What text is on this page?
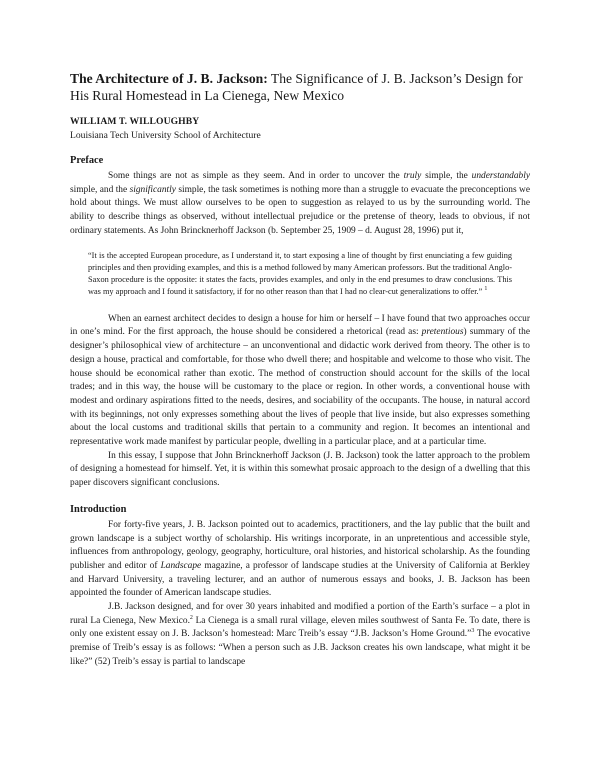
The Architecture of J. B. Jackson: The Significance of J. B. Jackson’s Design for His Rural Homestead in La Cienega, New Mexico
WILLIAM T. WILLOUGHBY
Louisiana Tech University School of Architecture
Preface

Some things are not as simple as they seem. And in order to uncover the truly simple, the understandably simple, and the significantly simple, the task sometimes is nothing more than a struggle to evacuate the preconceptions we hold about things. We must allow ourselves to be open to suggestion as relayed to us by the surrounding world. The ability to describe things as observed, without intellectual prejudice or the pretense of theory, leads to obvious, if not ordinary statements. As John Brincknerhoff Jackson (b. September 25, 1909 – d. August 28, 1996) put it,

“It is the accepted European procedure, as I understand it, to start exposing a line of thought by first enunciating a few guiding principles and then providing examples, and this is a method followed by many American professors. But the traditional Anglo-Saxon procedure is the opposite: it states the facts, provides examples, and only in the end presumes to draw conclusions. This was my approach and I found it satisfactory, if for no other reason than that I had no clear-cut generalizations to offer.” $^1$

When an earnest architect decides to design a house for him or herself – I have found that two approaches occur in one’s mind. For the first approach, the house should be considered a rhetorical (read as: pretentious) summary of the designer’s philosophical view of architecture – an unconventional and didactic work derived from theory. The other is to design a house, practical and comfortable, for those who dwell there; and hospitable and welcome to those who visit. The house should be economical rather than exotic. The method of construction should account for the skills of the local trades; and in this way, the house will be customary to the place or region. In other words, a conventional house with modest and ordinary aspirations fitted to the needs, desires, and sociability of the occupants. The house, in natural accord with its beginnings, not only expresses something about the lives of people that live inside, but also expresses something about the local customs and traditional skills that pertain to a community and region. It becomes an intentional and representative work made manifest by particular people, dwelling in a particular place, and at a particular time.

In this essay, I suppose that John Brincknerhoff Jackson (J. B. Jackson) took the latter approach to the problem of designing a homestead for himself. Yet, it is within this somewhat prosaic approach to the design of a dwelling that this paper discovers significant conclusions.

Introduction

For forty-five years, J. B. Jackson pointed out to academics, practitioners, and the lay public that the built and grown landscape is a subject worthy of scholarship. His writings incorporate, in an unpretentious and accessible style, influences from anthropology, geology, geography, horticulture, oral histories, and historical scholarship. As the founding publisher and editor of Landscape magazine, a professor of landscape studies at the University of California at Berkley and Harvard University, a traveling lecturer, and an author of numerous essays and books, J. B. Jackson has been appointed the founder of American landscape studies.

J.B. Jackson designed, and for over 30 years inhabited and modified a portion of the Earth’s surface – a plot in rural La Cienega, New Mexico.$^2$ La Cienega is a small rural village, eleven miles southwest of Santa Fe. To date, there is only one existent essay on J. B. Jackson’s homestead: Marc Treib’s essay “J.B. Jackson’s Home Ground.”$^3$ The evocative premise of Treib’s essay is as follows: “When a person such as J.B. Jackson creates his own landscape, what might it be like?” (52) Treib’s essay is partial to landscape
